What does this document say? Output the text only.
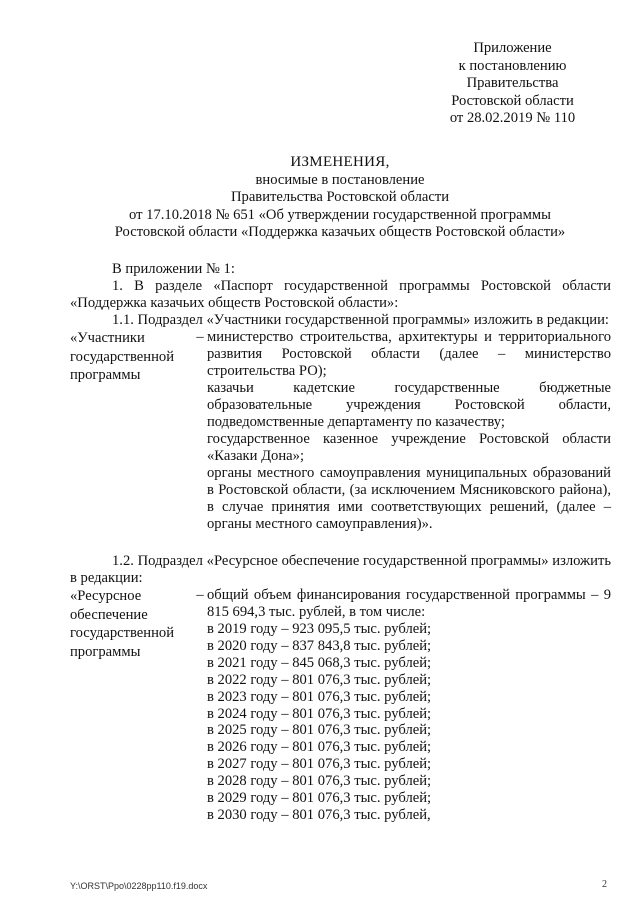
Приложение
к постановлению
Правительства
Ростовской области
от 28.02.2019 № 110
ИЗМЕНЕНИЯ,
вносимые в постановление
Правительства Ростовской области
от 17.10.2018 № 651 «Об утверждении государственной программы
Ростовской области «Поддержка казачьих обществ Ростовской области»

В приложении № 1:

1. В разделе «Паспорт государственной программы Ростовской области «Поддержка казачьих обществ Ростовской области»:

1.1. Подраздел «Участники государственной программы» изложить в редакции:

«Участники государственной программы
– министерство строительства, архитектуры и территориального развития Ростовской области (далее – министерство строительства РО);

казачьи кадетские государственные бюджетные образовательные учреждения Ростовской области, подведомственные департаменту по казачеству;

государственное казенное учреждение Ростовской области «Казаки Дона»;

органы местного самоуправления муниципальных образований в Ростовской области, (за исключением Мясниковского района), в случае принятия ими соответствующих решений, (далее – органы местного самоуправления)».

1.2. Подраздел «Ресурсное обеспечение государственной программы» изложить в редакции:

«Ресурсное обеспечение государственной программы
– общий объем финансирования государственной программы – 9 815 694,3 тыс. рублей, в том числе:

в 2019 году – 923 095,5 тыс. рублей;
в 2020 году – 837 843,8 тыс. рублей;
в 2021 году – 845 068,3 тыс. рублей;
в 2022 году – 801 076,3 тыс. рублей;
в 2023 году – 801 076,3 тыс. рублей;
в 2024 году – 801 076,3 тыс. рублей;
в 2025 году – 801 076,3 тыс. рублей;
в 2026 году – 801 076,3 тыс. рублей;
в 2027 году – 801 076,3 тыс. рублей;
в 2028 году – 801 076,3 тыс. рублей;
в 2029 году – 801 076,3 тыс. рублей;
в 2030 году – 801 076,3 тыс. рублей,
Y:\ORST\Ppo\0228pp110.f19.docx	2
